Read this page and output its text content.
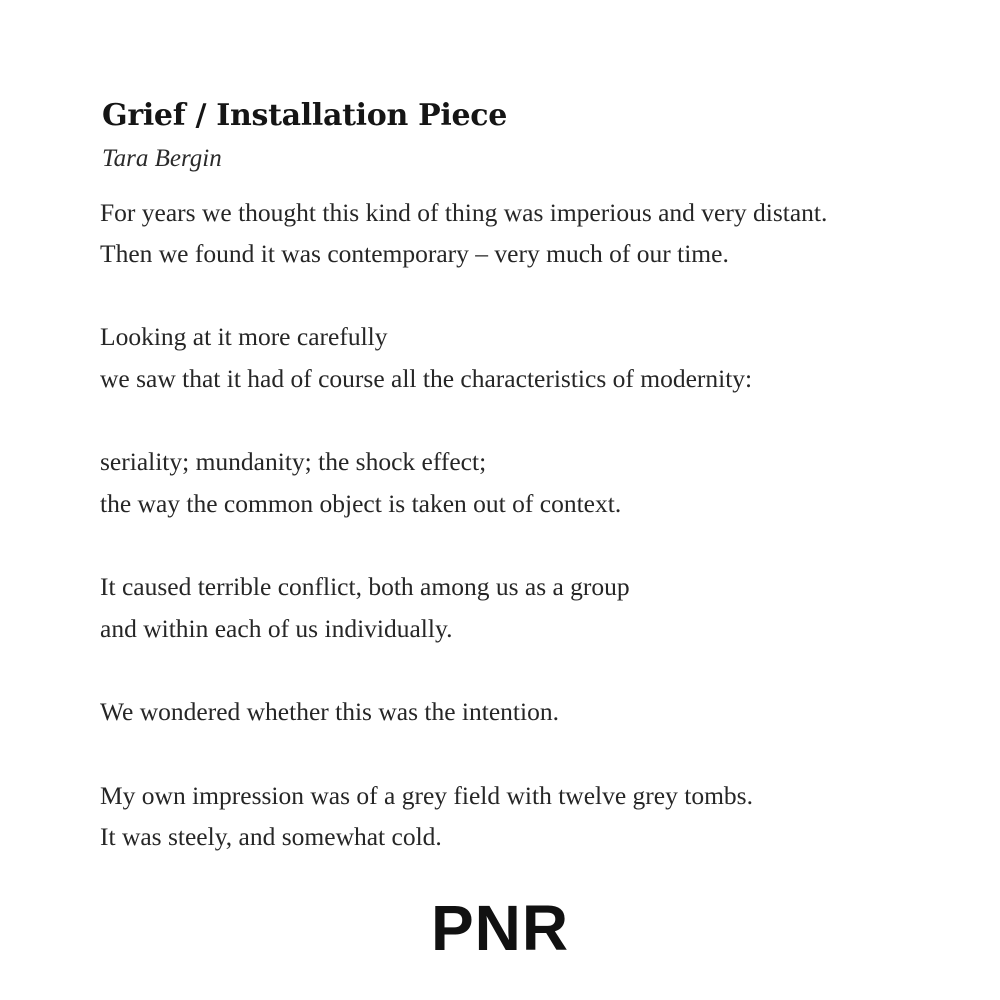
Grief / Installation Piece

Tara Bergin

For years we thought this kind of thing was imperious and very distant.

Then we found it was contemporary – very much of our time.

Looking at it more carefully

we saw that it had of course all the characteristics of modernity:

seriality; mundanity; the shock effect;

the way the common object is taken out of context.

It caused terrible conflict, both among us as a group

and within each of us individually.

We wondered whether this was the intention.

My own impression was of a grey field with twelve grey tombs.

It was steely, and somewhat cold.

PNR
